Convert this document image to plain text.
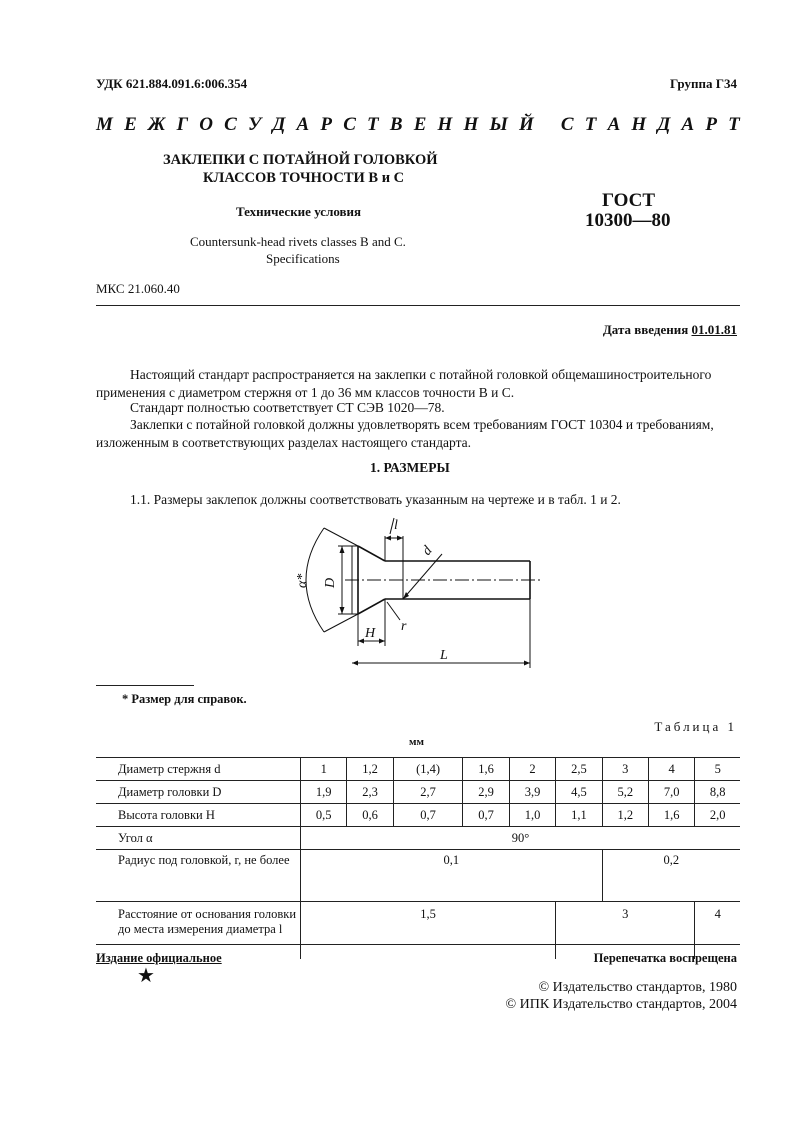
УДК 621.884.091.6:006.354	Группа Г34
М Е Ж Г О С У Д А Р С Т В Е Н Н Ы Й
С Т А Н Д А Р Т
ЗАКЛЕПКИ С ПОТАЙНОЙ ГОЛОВКОЙ
КЛАССОВ ТОЧНОСТИ В и С
Технические условия
Countersunk-head rivets classes B and C.
Specifications
ГОСТ
10300—80
МКС 21.060.40
Дата введения 01.01.81
Настоящий стандарт распространяется на заклепки с потайной головкой общемашиностроительного применения с диаметром стержня от 1 до 36 мм классов точности В и С.
Стандарт полностью соответствует СТ СЭВ 1020—78.
Заклепки с потайной головкой должны удовлетворять всем требованиям ГОСТ 10304 и требованиям, изложенным в соответствующих разделах настоящего стандарта.
1. РАЗМЕРЫ
1.1. Размеры заклепок должны соответствовать указанным на чертеже и в табл. 1 и 2.
l
d
α* D
H r
L
* Размер для справок.
Таблица 1
мм
Диаметр стержня d	1	1,2	(1,4)	1,6	2	2,5	3	4	5
Диаметр головки D	1,9	2,3	2,7	2,9	3,9	4,5	5,2	7,0	8,8
Высота головки H	0,5	0,6	0,7	0,7	1,0	1,1	1,2	1,6	2,0
Угол α	90°								
Радиус под головкой, r, не более	0,1						0,2		
Расстояние от основания головки до места измерения диаметра l	1,5					3			4
Издание официальное	Перепечатка воспрещена
★
© Издательство стандартов, 1980
© ИПК Издательство стандартов, 2004
